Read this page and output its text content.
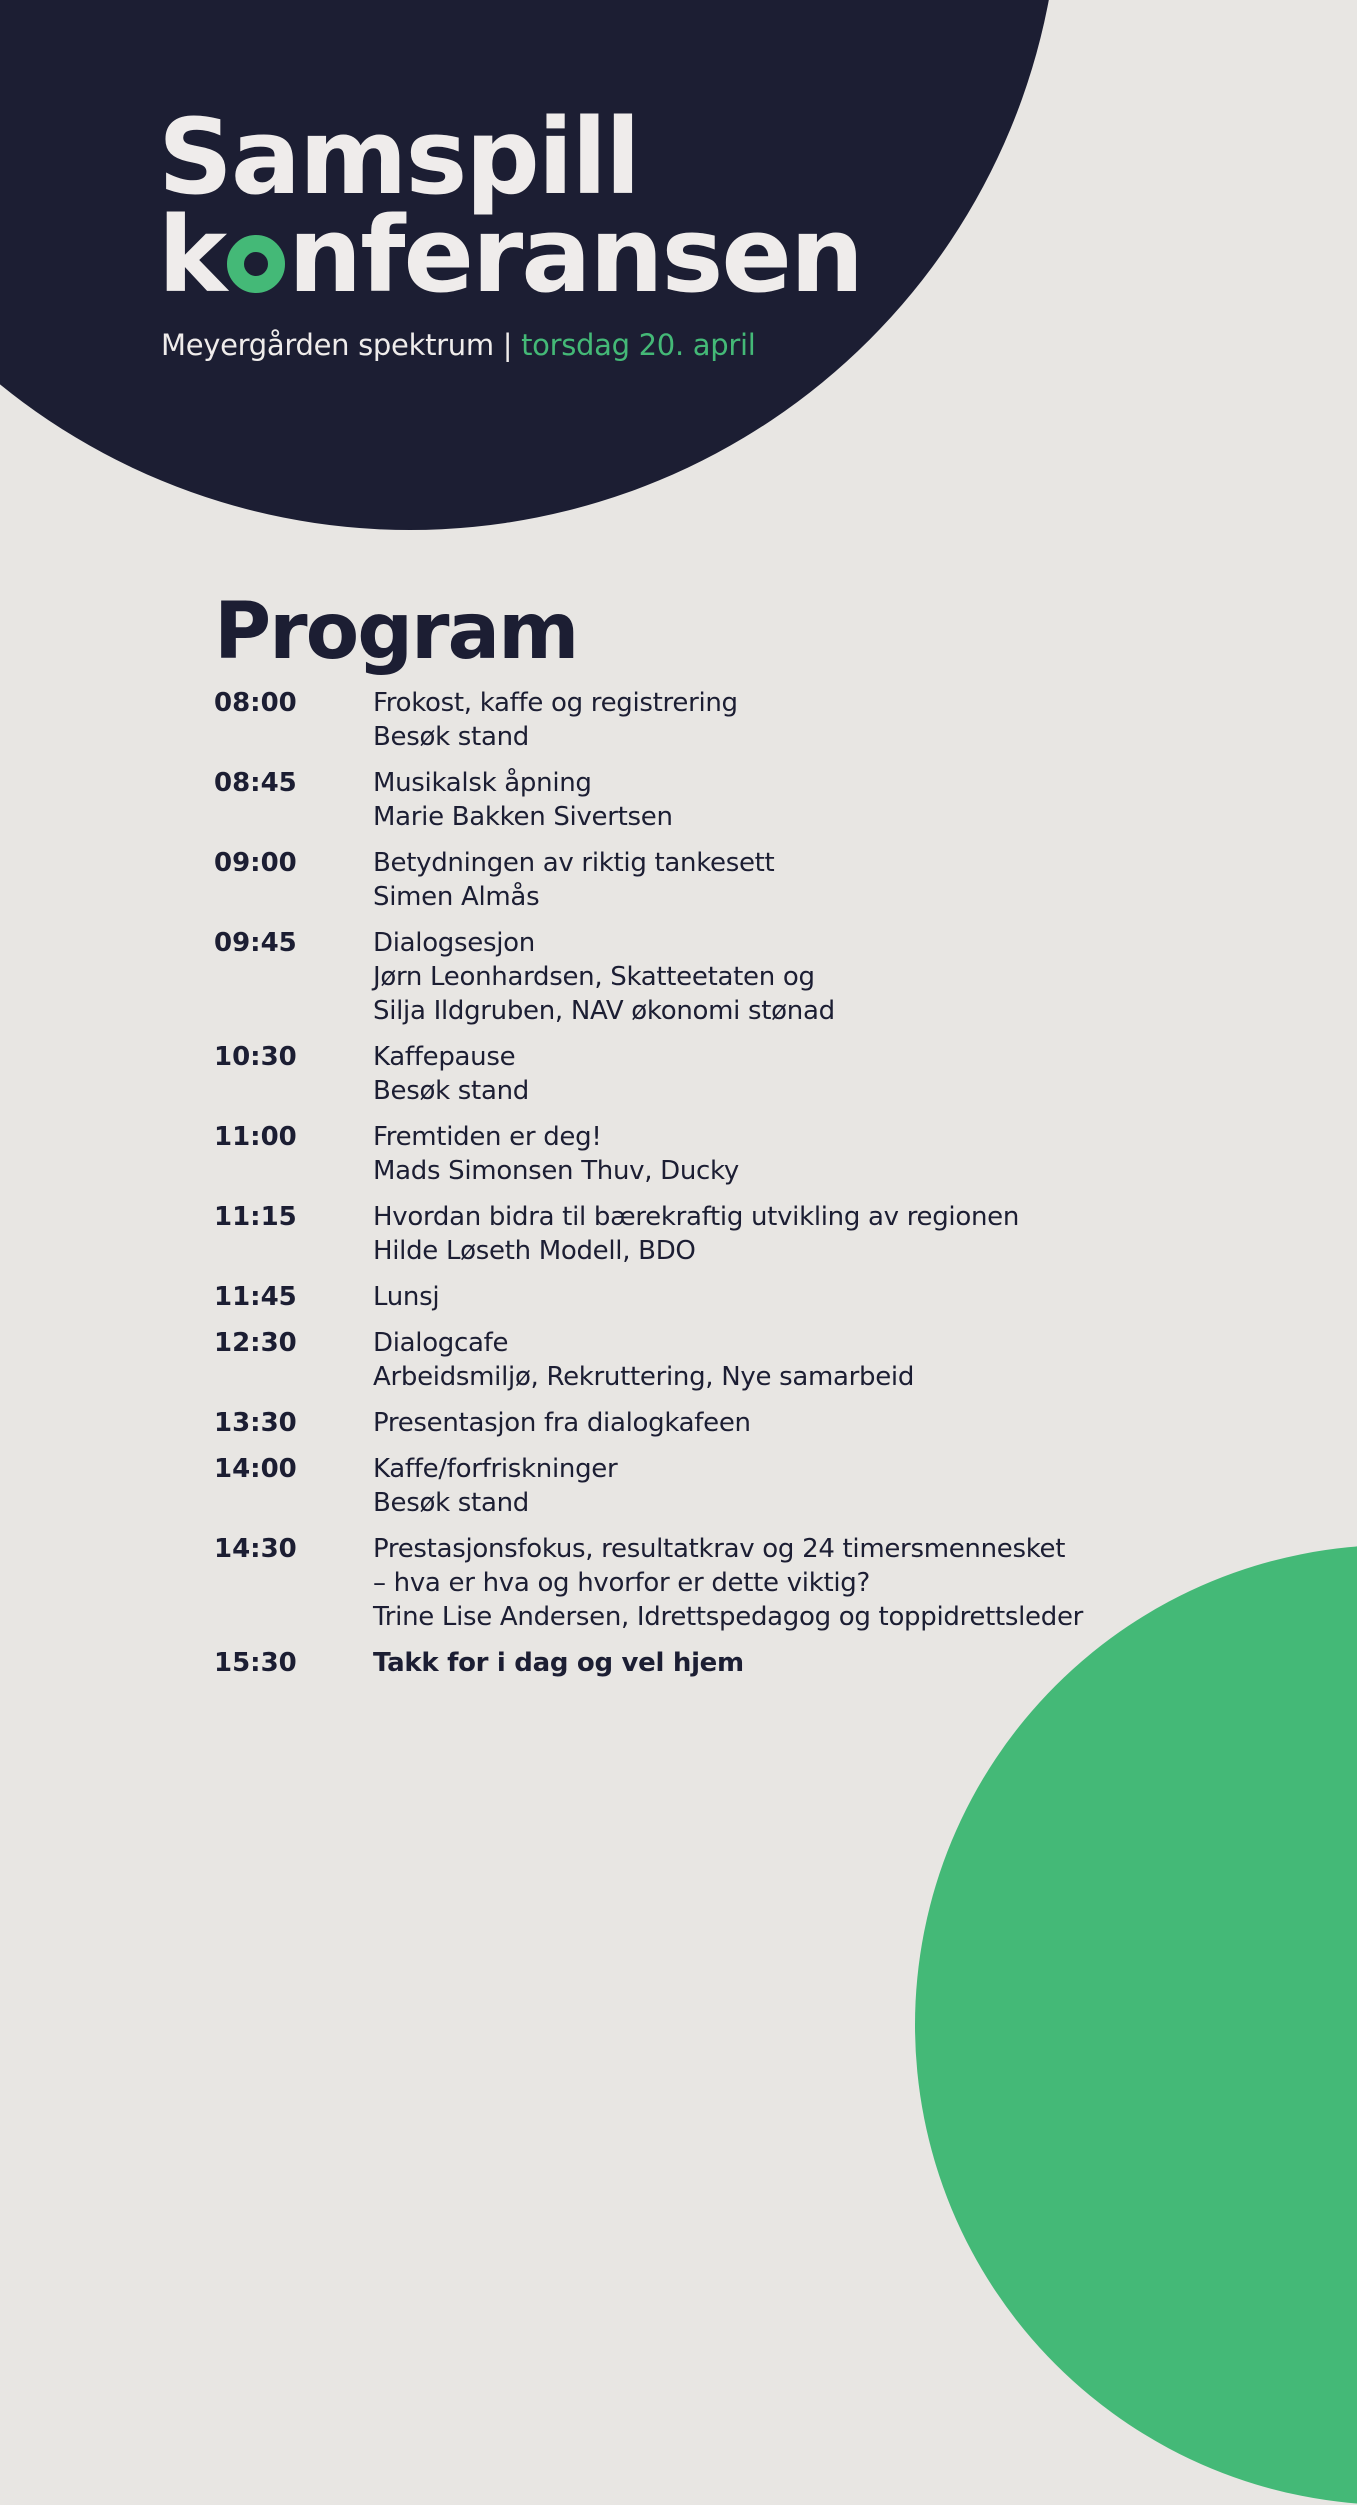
Samspill
k nferansen

Meyergården spektrum | torsdag 20. april

Program
08:00	Frokost, kaffe og registrering
Besøk stand
08:45	Musikalsk åpning
Marie Bakken Sivertsen
09:00	Betydningen av riktig tankesett
Simen Almås
09:45	Dialogsesjon
Jørn Leonhardsen, Skatteetaten og
Silja Ildgruben, NAV økonomi stønad
10:30	Kaffepause
Besøk stand
11:00	Fremtiden er deg!
Mads Simonsen Thuv, Ducky
11:15	Hvordan bidra til bærekraftig utvikling av regionen
Hilde Løseth Modell, BDO
11:45	Lunsj
12:30	Dialogcafe
Arbeidsmiljø, Rekruttering, Nye samarbeid
13:30	Presentasjon fra dialogkafeen
14:00	Kaffe/forfriskninger
Besøk stand
14:30	Prestasjonsfokus, resultatkrav og 24 timersmennesket
– hva er hva og hvorfor er dette viktig?
Trine Lise Andersen, Idrettspedagog og toppidrettsleder
15:30	Takk for i dag og vel hjem
